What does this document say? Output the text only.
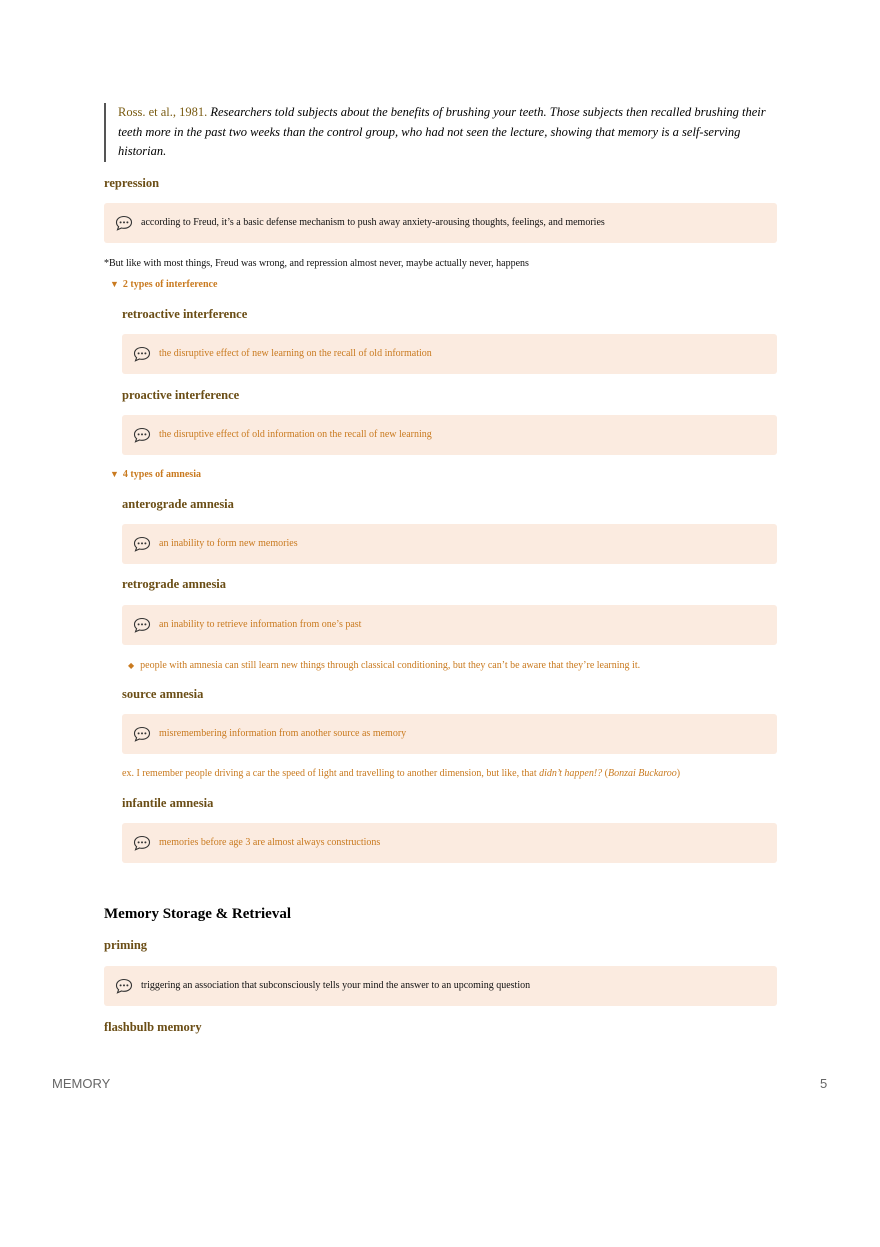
Ross. et al., 1981. Researchers told subjects about the benefits of brushing your teeth. Those subjects then recalled brushing their teeth more in the past two weeks than the control group, who had not seen the lecture, showing that memory is a self-serving historian.
repression
according to Freud, it’s a basic defense mechanism to push away anxiety-arousing thoughts, feelings, and memories
*But like with most things, Freud was wrong, and repression almost never, maybe actually never, happens
▼ 2 types of interference
retroactive interference
the disruptive effect of new learning on the recall of old information
proactive interference
the disruptive effect of old information on the recall of new learning
▼ 4 types of amnesia
anterograde amnesia
an inability to form new memories
retrograde amnesia
an inability to retrieve information from one’s past
◆ people with amnesia can still learn new things through classical conditioning, but they can’t be aware that they’re learning it.
source amnesia
misremembering information from another source as memory
ex. I remember people driving a car the speed of light and travelling to another dimension, but like, that didn’t happen!? (Bonzai Buckaroo)
infantile amnesia
memories before age 3 are almost always constructions
Memory Storage & Retrieval
priming
triggering an association that subconsciously tells your mind the answer to an upcoming question
flashbulb memory
MEMORY	5
